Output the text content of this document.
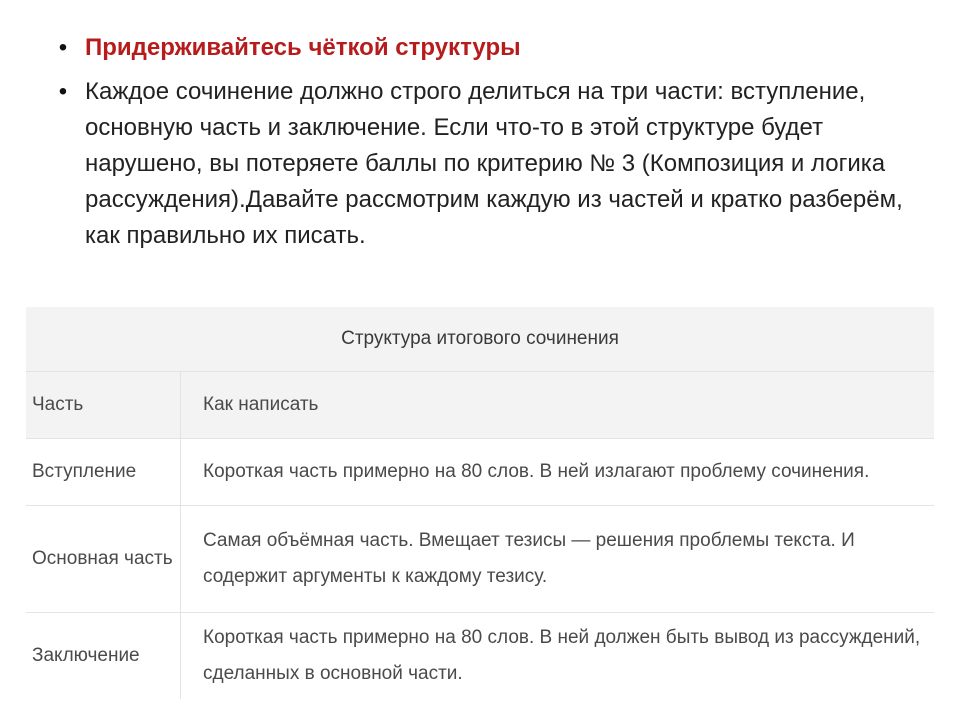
• Придерживайтесь чёткой структуры
• Каждое сочинение должно строго делиться на три части: вступление, основную часть и заключение. Если что-то в этой структуре будет нарушено, вы потеряете баллы по критерию № 3 (Композиция и логика рассуждения).Давайте рассмотрим каждую из частей и кратко разберём, как правильно их писать.
Структура итогового сочинения
Часть	Как написать
Вступление	Короткая часть примерно на 80 слов. В ней излагают проблему сочинения.
Основная часть
Самая объёмная часть. Вмещает тезисы — решения проблемы текста. И содержит аргументы к каждому тезису.
Заключение
Короткая часть примерно на 80 слов. В ней должен быть вывод из рассуждений, сделанных в основной части.
